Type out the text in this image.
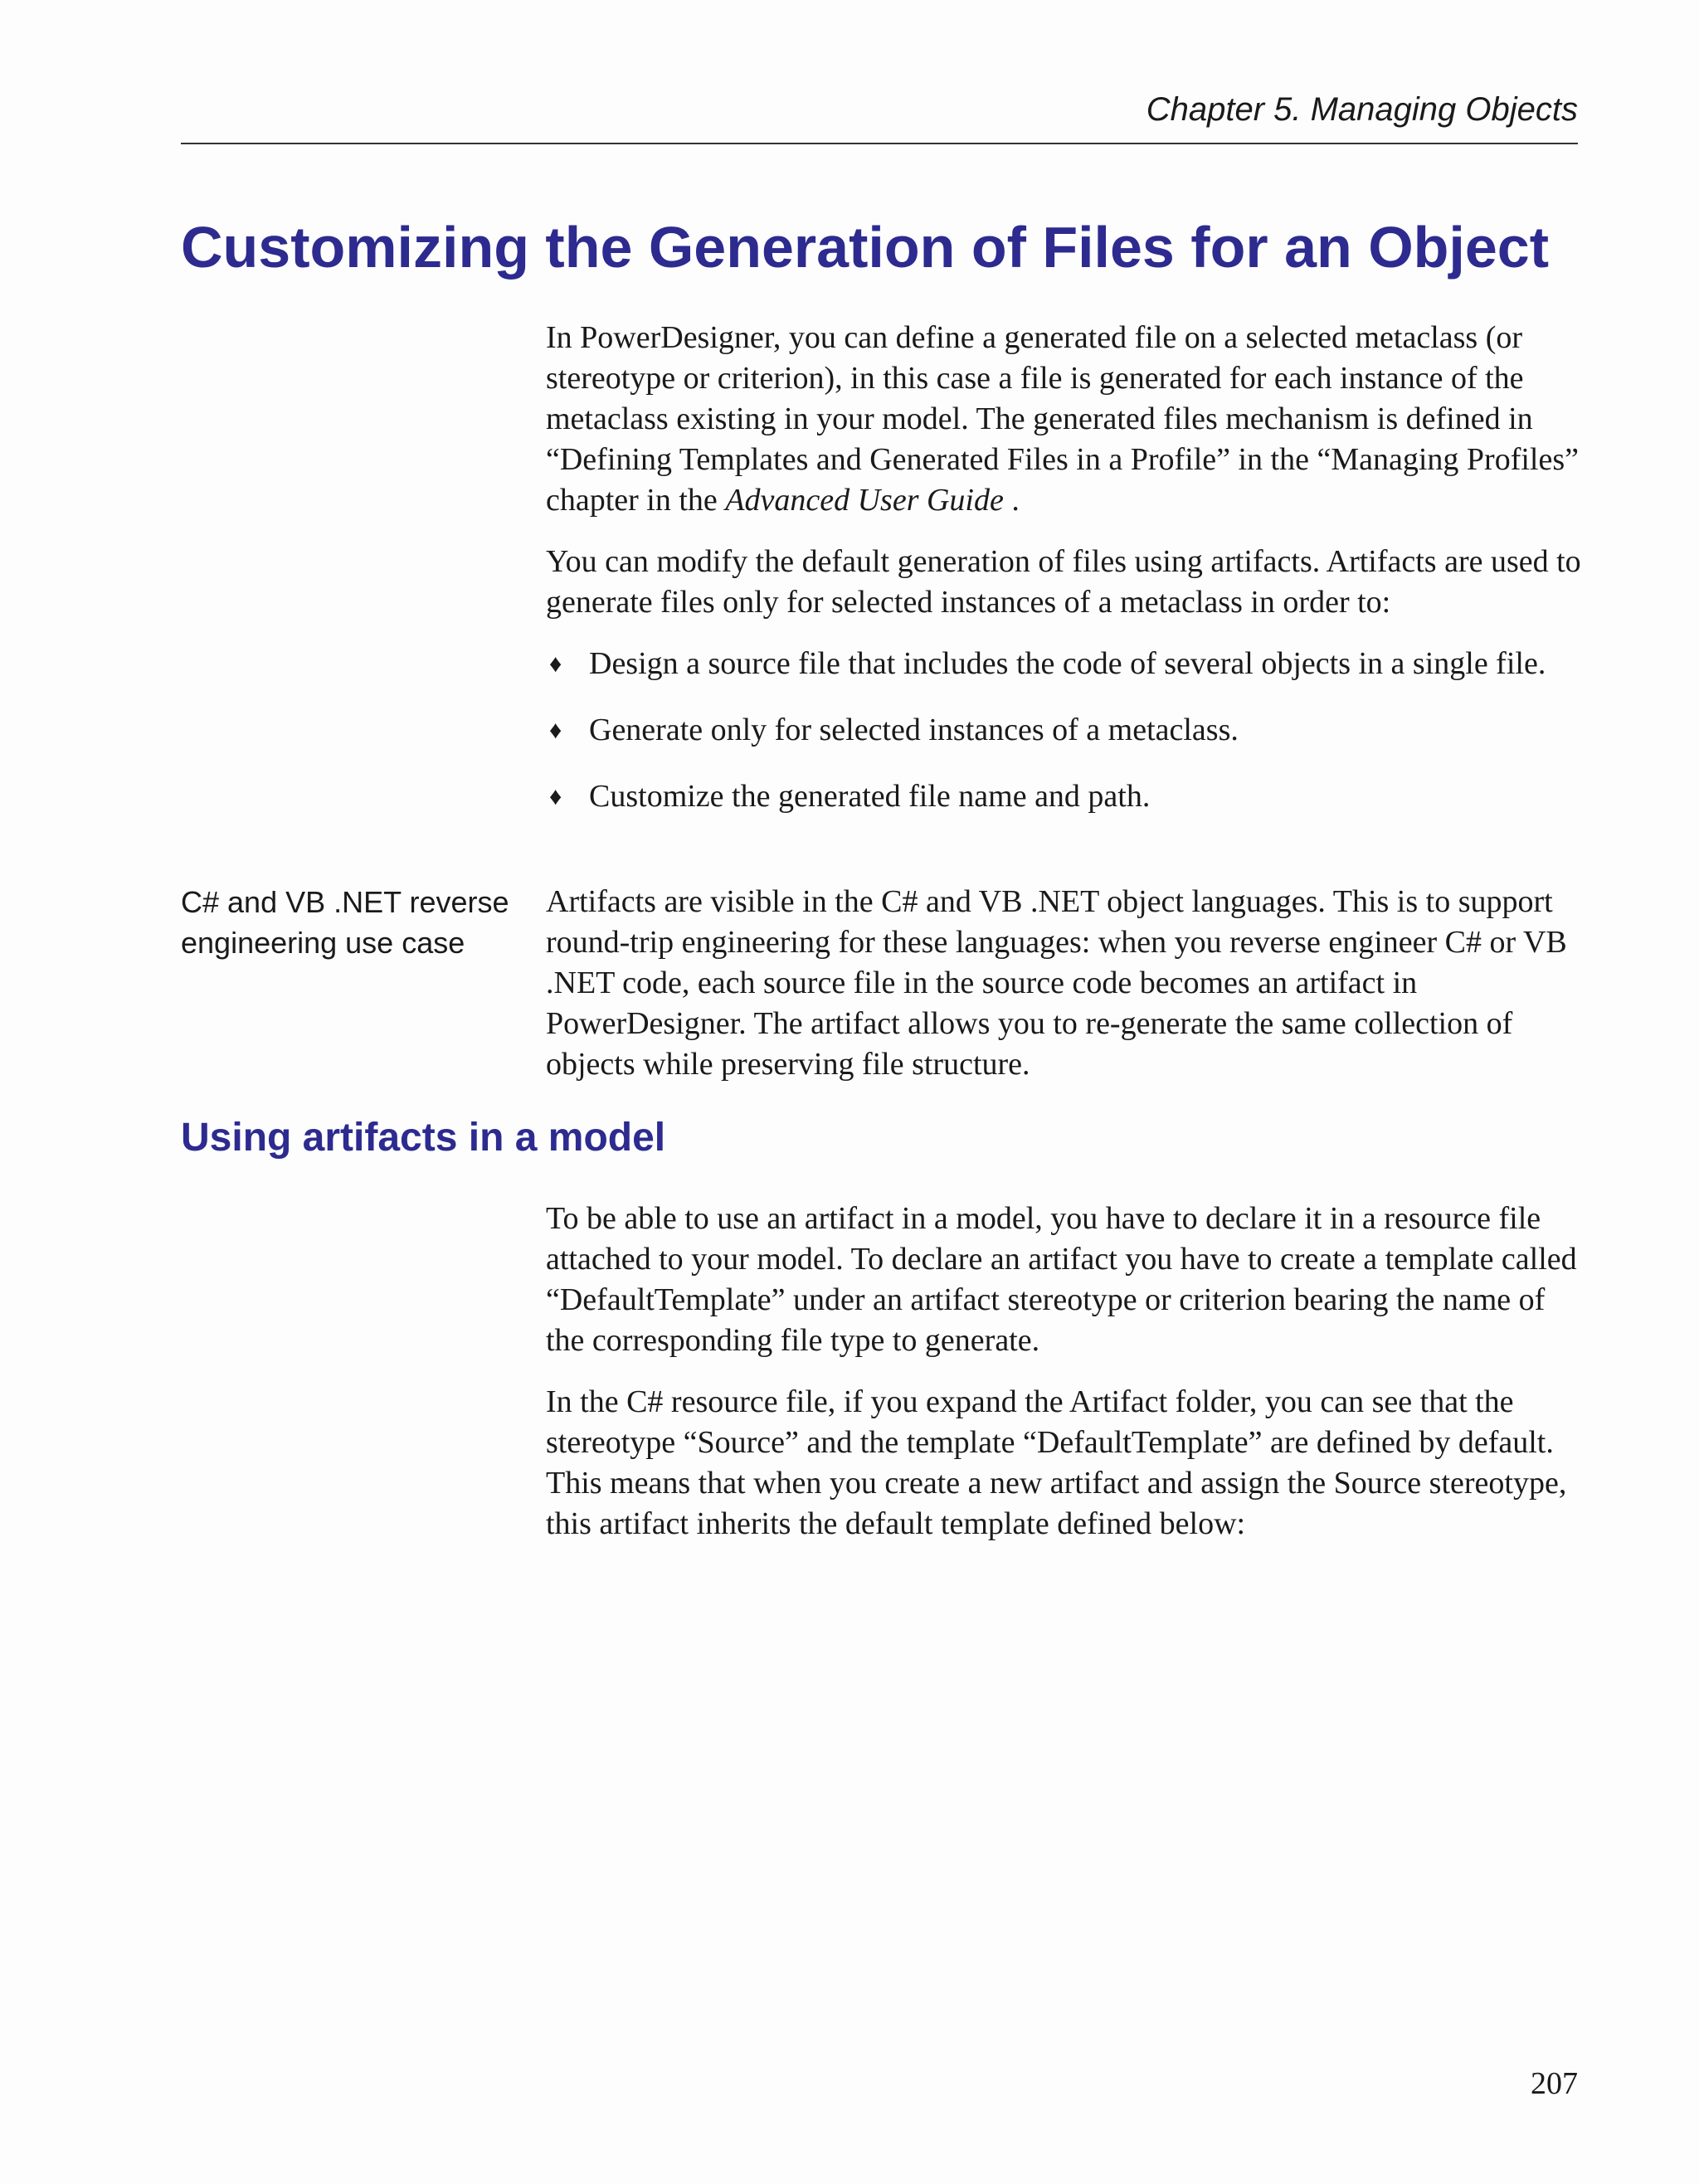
Chapter 5. Managing Objects
Customizing the Generation of Files for an Object

In PowerDesigner, you can define a generated file on a selected metaclass (or stereotype or criterion), in this case a file is generated for each instance of the metaclass existing in your model. The generated files mechanism is defined in “Defining Templates and Generated Files in a Profile” in the “Managing Profiles” chapter in the Advanced User Guide .

You can modify the default generation of files using artifacts. Artifacts are used to generate files only for selected instances of a metaclass in order to:

♦ Design a source file that includes the code of several objects in a single file.
♦ Generate only for selected instances of a metaclass.
♦ Customize the generated file name and path.
C# and VB .NET reverse engineering use case

Artifacts are visible in the C# and VB .NET object languages. This is to support round-trip engineering for these languages: when you reverse engineer C# or VB .NET code, each source file in the source code becomes an artifact in PowerDesigner. The artifact allows you to re-generate the same collection of objects while preserving file structure.

Using artifacts in a model

To be able to use an artifact in a model, you have to declare it in a resource file attached to your model. To declare an artifact you have to create a template called “DefaultTemplate” under an artifact stereotype or criterion bearing the name of the corresponding file type to generate.

In the C# resource file, if you expand the Artifact folder, you can see that the stereotype “Source” and the template “DefaultTemplate” are defined by default. This means that when you create a new artifact and assign the Source stereotype, this artifact inherits the default template defined below:

207
